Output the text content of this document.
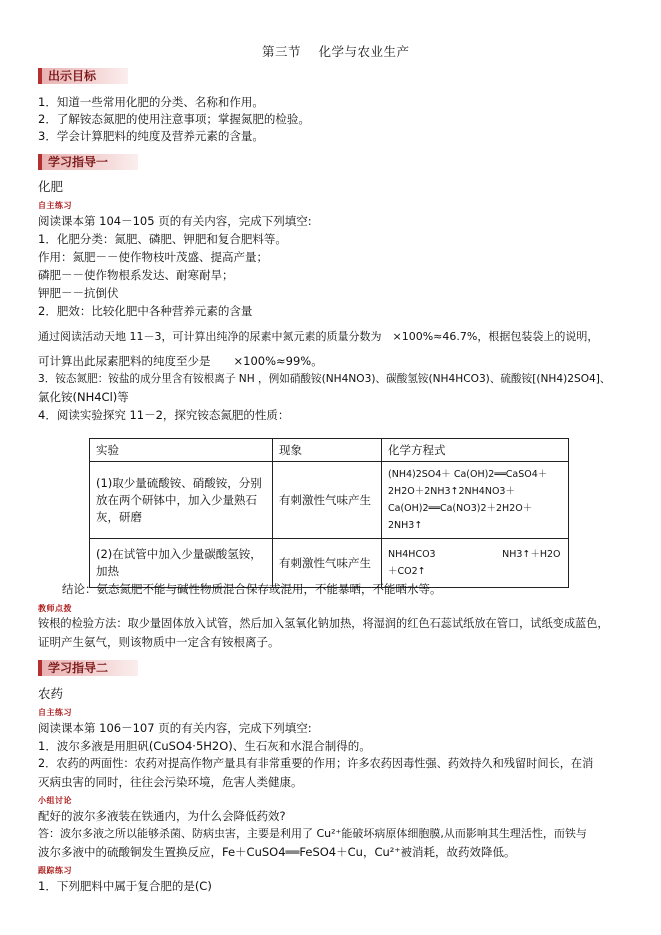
第三节　 化学与农业生产
出示目标
1．知道一些常用化肥的分类、名称和作用。
2．了解铵态氮肥的使用注意事项；掌握氮肥的检验。
3．学会计算肥料的纯度及营养元素的含量。
学习指导一
化肥
自主练习
阅读课本第 104－105 页的有关内容，完成下列填空:
1．化肥分类：氮肥、磷肥、钾肥和复合肥料等。
作用：氮肥－－使作物枝叶茂盛、提高产量；
磷肥－－使作物根系发达、耐寒耐旱；
钾肥－－抗倒伏
2．肥效：比较化肥中各种营养元素的含量
通过阅读活动天地 11－3，可计算出纯净的尿素中氮元素的质量分数为　×100%≈46.7%，根据包装袋上的说明，
可计算出此尿素肥料的纯度至少是　　×100%≈99%。
3．铵态氮肥：铵盐的成分里含有铵根离子 NH ，例如硝酸铵(NH4NO3)、碳酸氢铵(NH4HCO3)、硫酸铵[(NH4)2SO4]、
氯化铵(NH4Cl)等
4．阅读实验探究 11－2，探究铵态氮肥的性质：
实验	现象	化学方程式
(1)取少量硫酸铵、硝酸铵，分别放在两个研钵中，加入少量熟石灰，研磨	有刺激性气味产生	(NH4)2SO4＋ Ca(OH)2══CaSO4＋2H2O＋2NH3↑2NH4NO3＋Ca(OH)2══Ca(NO3)2＋2H2O＋2NH3↑
(2)在试管中加入少量碳酸氢铵，加热	有刺激性气味产生	NH4HCO3　　　　　　　NH3↑＋H2O＋CO2↑
结论：氨态氮肥不能与碱性物质混合保存或混用，不能暴晒，不能晒水等。
教师点拨
铵根的检验方法：取少量固体放入试管，然后加入氢氧化钠加热，将湿润的红色石蕊试纸放在管口，试纸变成蓝色，
证明产生氨气，则该物质中一定含有铵根离子。
学习指导二
农药
自主练习
阅读课本第 106－107 页的有关内容，完成下列填空:
1．波尔多液是用胆矾(CuSO4·5H2O)、生石灰和水混合制得的。
2．农药的两面性：农药对提高作物产量具有非常重要的作用；许多农药因毒性强、药效持久和残留时间长，在消
灭病虫害的同时，往往会污染环境，危害人类健康。
小组讨论
配好的波尔多液装在铁通内，为什么会降低药效?
答：波尔多液之所以能够杀菌、防病虫害，主要是利用了 Cu²⁺能破坏病原体细胞膜,从而影响其生理活性，而铁与
波尔多液中的硫酸铜发生置换反应，Fe＋CuSO4══FeSO4＋Cu，Cu²⁺被消耗，故药效降低。
跟踪练习
1．下列肥料中属于复合肥的是(C)
